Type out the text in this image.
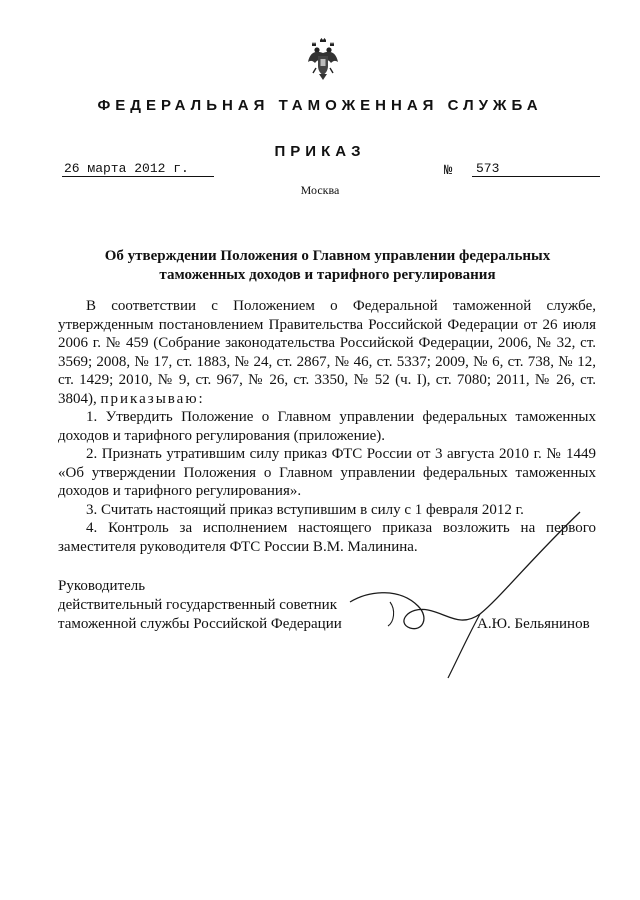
ФЕДЕРАЛЬНАЯ ТАМОЖЕННАЯ СЛУЖБА
ПРИКАЗ
26 марта 2012 г.	№	573
Москва
Об утверждении Положения о Главном управлении федеральных
таможенных доходов и тарифного регулирования

В соответствии с Положением о Федеральной таможенной службе, утвержденным постановлением Правительства Российской Федерации от 26 июля 2006 г. № 459 (Собрание законодательства Российской Федерации, 2006, № 32, ст. 3569; 2008, № 17, ст. 1883, № 24, ст. 2867, № 46, ст. 5337; 2009, № 6, ст. 738, № 12, ст. 1429; 2010, № 9, ст. 967, № 26, ст. 3350, № 52 (ч. I), ст. 7080; 2011, № 26, ст. 3804), приказываю:

1. Утвердить Положение о Главном управлении федеральных таможенных доходов и тарифного регулирования (приложение).

2. Признать утратившим силу приказ ФТС России от 3 августа 2010 г. № 1449 «Об утверждении Положения о Главном управлении федеральных таможенных доходов и тарифного регулирования».

3. Считать настоящий приказ вступившим в силу с 1 февраля 2012 г.

4. Контроль за исполнением настоящего приказа возложить на первого заместителя руководителя ФТС России В.М. Малинина.

Руководитель
действительный государственный советник
таможенной службы Российской Федерации	А.Ю. Бельянинов
